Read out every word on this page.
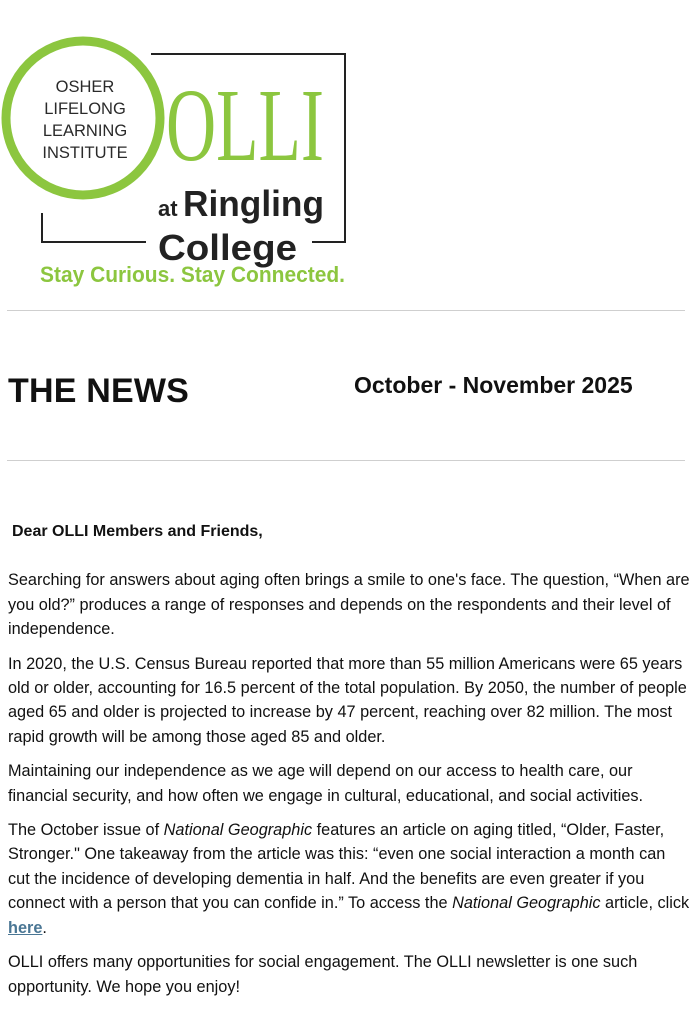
OSHER
LIFELONG
LEARNING
INSTITUTE OLLI
at Ringling
College
Stay Curious. Stay Connected.
THE NEWS	October - November 2025

Dear OLLI Members and Friends,

Searching for answers about aging often brings a smile to one's face. The question, “When are you old?” produces a range of responses and depends on the respondents and their level of independence.

In 2020, the U.S. Census Bureau reported that more than 55 million Americans were 65 years old or older, accounting for 16.5 percent of the total population. By 2050, the number of people aged 65 and older is projected to increase by 47 percent, reaching over 82 million. The most rapid growth will be among those aged 85 and older.

Maintaining our independence as we age will depend on our access to health care, our financial security, and how often we engage in cultural, educational, and social activities.

The October issue of National Geographic features an article on aging titled, “Older, Faster, Stronger." One takeaway from the article was this: “even one social interaction a month can cut the incidence of developing dementia in half. And the benefits are even greater if you connect with a person that you can confide in.” To access the National Geographic article, click here.

OLLI offers many opportunities for social engagement. The OLLI newsletter is one such opportunity. We hope you enjoy!
